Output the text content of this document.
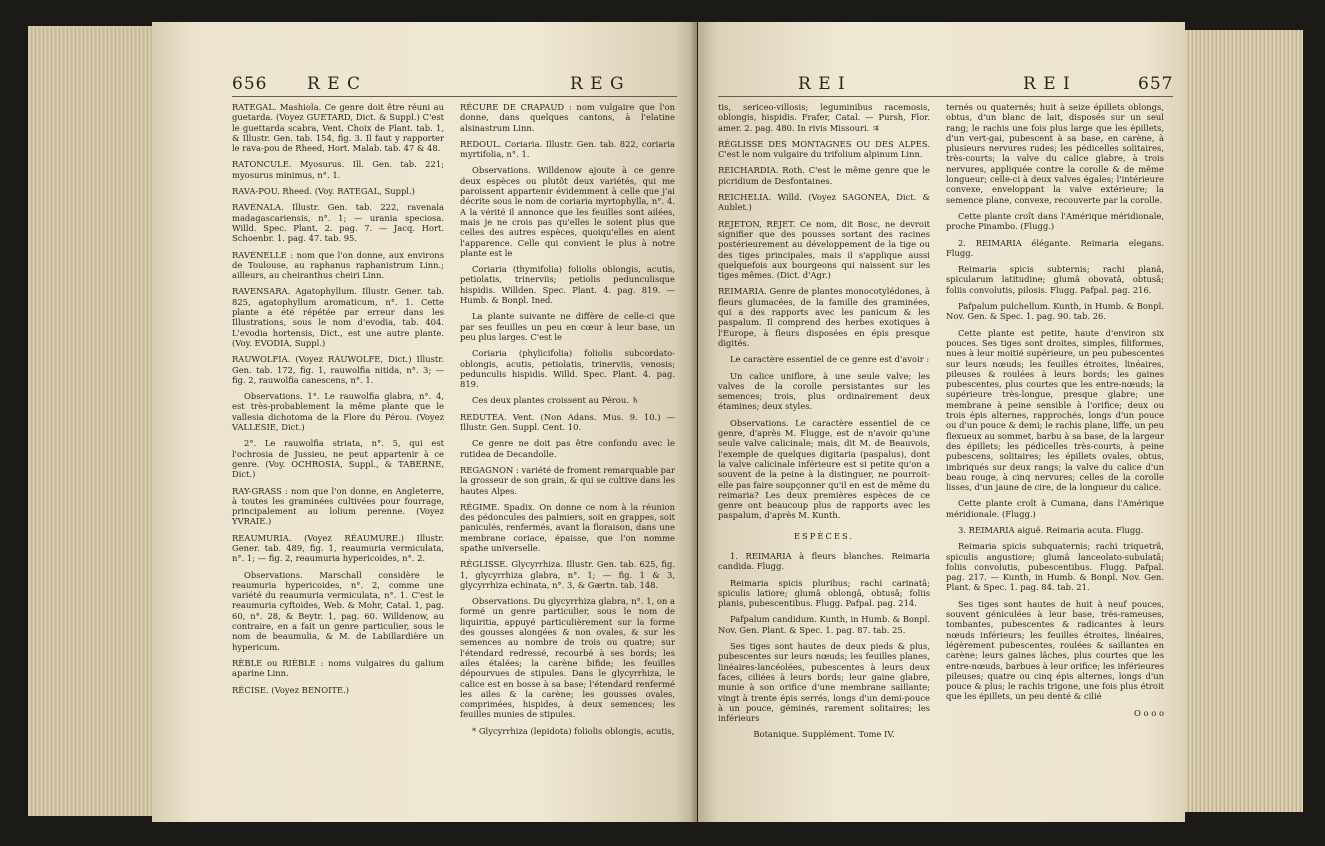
656 R E C	R E G

RATEGAL. Mashiola. Ce genre doit être réuni au guetarda. (Voyez GUETARD, Dict. & Suppl.) C'est le guettarda scabra, Vent. Choix de Plant. tab. 1, & Illustr. Gen. tab. 154, fig. 3. Il faut y rapporter le rava-pou de Rheed, Hort. Malab. tab. 47 & 48.

RATONCULE. Myosurus. Ill. Gen. tab. 221; myosurus minimus, n°. 1.

RAVA-POU. Rheed. (Voy. RATEGAL, Suppl.)

RAVENALA. Illustr. Gen. tab. 222, ravenala madagascariensis, n°. 1; — urania speciosa. Willd. Spec. Plant. 2. pag. 7. — Jacq. Hort. Schoenbr. 1. pag. 47. tab. 95.

RAVENELLE : nom que l'on donne, aux environs de Toulouse, au raphanus raphanistrum Linn.; ailleurs, au cheiranthus cheiri Linn.

RAVENSARA. Agatophyllum. Illustr. Gener. tab. 825, agatophyllum aromaticum, n°. 1. Cette plante a été répétée par erreur dans les Illustrations, sous le nom d'evodia, tab. 404. L'evodia hortensis, Dict., est une autre plante. (Voy. EVODIA, Suppl.)

RAUWOLFIA. (Voyez RAUWOLFE, Dict.) Illustr. Gen. tab. 172, fig. 1, rauwolfia nitida, n°. 3; — fig. 2, rauwolfia canescens, n°. 1.

Observations. 1°. Le rauwolfia glabra, n°. 4, est très-probablement la même plante que le vallesia dichotoma de la Flore du Pérou. (Voyez VALLESIE, Dict.)

2°. Le rauwolfia striata, n°. 5, qui est l'ochrosia de Jussieu, ne peut appartenir à ce genre. (Voy. OCHROSIA, Suppl., & TABERNE, Dict.)

RAY-GRASS : nom que l'on donne, en Angleterre, à toutes les graminées cultivées pour fourrage, principalement au lolium perenne. (Voyez YVRAIE.)

REAUMURIA. (Voyez RÉAUMURE.) Illustr. Gener. tab. 489, fig. 1, reaumuria vermiculata, n°. 1; — fig. 2, reaumuria hypericoides, n°. 2.

Observations. Marschall considère le reaumuria hypericoides, n°. 2, comme une variété du reaumuria vermiculata, n°. 1. C'est le reaumuria cyftoides, Web. & Mohr, Catal. 1, pag. 60, n°. 28, & Beytr. 1, pag. 60. Willdenow, au contraire, en a fait un genre particulier, sous le nom de beaumulia, & M. de Labillardière un hypericum.

RÈBLE ou RIÈBLE : noms vulgaires du galium aparine Linn.

RÉCISE. (Voyez BENOITE.)

RÉCURE DE CRAPAUD : nom vulgaire que l'on donne, dans quelques cantons, à l'elatine alsinastrum Linn.

REDOUL. Coriaria. Illustr. Gen. tab. 822, coriaria myrtifolia, n°. 1.

Observations. Willdenow ajoute à ce genre deux espèces ou plutôt deux variétés, qui me paroissent appartenir évidemment à celle que j'ai décrite sous le nom de coriaria myrtophylla, n°. 4. A la vérité il annonce que les feuilles sont ailées, mais je ne crois pas qu'elles le soient plus que celles des autres espèces, quoiqu'elles en aient l'apparence. Celle qui convient le plus à notre plante est le

Coriaria (thymifolia) foliolis oblongis, acutis, petiolatis, trinerviis; petiolis pedunculisque hispidis. Willden. Spec. Plant. 4. pag. 819. — Humb. & Bonpl. Ined.

La plante suivante ne diffère de celle-ci que par ses feuilles un peu en cœur à leur base, un peu plus larges. C'est le

Coriaria (phylicifolia) foliolis subcordato-oblongis, acutis, petiolatis, trinerviis, venosis; pedunculis hispidis. Willd. Spec. Plant. 4. pag. 819.

Ces deux plantes croissent au Pérou. ♄

REDUTEA. Vent. (Non Adans. Mus. 9. 10.) — Illustr. Gen. Suppl. Cent. 10.

Ce genre ne doit pas être confondu avec le rutidea de Decandolle.

REGAGNON : variété de froment remarquable par la grosseur de son grain, & qui se cultive dans les hautes Alpes.

RÉGIME. Spadix. On donne ce nom à la réunion des pédoncules des palmiers, soit en grappes, soit paniculés, renfermés, avant la floraison, dans une membrane coriace, épaisse, que l'on nomme spathe universelle.

RÉGLISSE. Glycyrrhiza. Illustr. Gen. tab. 625, fig. 1, glycyrrhiza glabra, n°. 1; — fig. 1 & 3, glycyrrhiza echinata, n°. 3, & Gærtn. tab. 148.

Observations. Du glycyrrhiza glabra, n°. 1, on a formé un genre particulier, sous le nom de liquiritia, appuyé particulièrement sur la forme des gousses alongées & non ovales, & sur les semences au nombre de trois ou quatre; sur l'étendard redressé, recourbé à ses bords; les ailes étalées; la carène bifide; les feuilles dépourvues de stipules. Dans le glycyrrhiza, le calice est en bosse à sa base; l'étendard renfermé les ailes & la carène; les gousses ovales, comprimées, hispides, à deux semences; les feuilles munies de stipules.

* Glycyrrhiza (lepidota) foliolis oblongis, acutis,

R E I	R E I	657

tis, sericeo-villosis; leguminibus racemosis, oblongis, hispidis. Frafer, Catal. — Pursh, Flor. amer. 2. pag. 480. In rivis Missouri. ♃

RÉGLISSE DES MONTAGNES OU DES ALPES. C'est le nom vulgaire du trifolium alpinum Linn.

REICHARDIA. Roth. C'est le même genre que le picridium de Desfontaines.

REICHELIA. Willd. (Voyez SAGONEA, Dict. & Aublet.)

REJETON, REJET. Ce nom, dit Bosc, ne devroit signifier que des pousses sortant des racines postérieurement au développement de la tige ou des tiges principales, mais il s'applique aussi quelquefois aux bourgeons qui naissent sur les tiges mêmes. (Dict. d'Agr.)

REIMARIA. Genre de plantes monocotylédones, à fleurs glumacées, de la famille des graminées, qui a des rapports avec les panicum & les paspalum. Il comprend des herbes exotiques à l'Europe, à fleurs disposées en épis presque digités.

Le caractère essentiel de ce genre est d'avoir :

Un calice uniflore, à une seule valve; les valves de la corolle persistantes sur les semences; trois, plus ordinairement deux étamines; deux styles.

Observations. Le caractère essentiel de ce genre, d'après M. Flugge, est de n'avoir qu'une seule valve calicinale; mais, dit M. de Beauvois, l'exemple de quelques digitaria (paspalus), dont la valve calicinale inférieure est si petite qu'on a souvent de la peine à la distinguer, ne pourroit-elle pas faire soupçonner qu'il en est de même du reimaria? Les deux premières espèces de ce genre ont beaucoup plus de rapports avec les paspalum, d'après M. Kunth.

ESPÈCES.

1. REIMARIA à fleurs blanches. Reimaria candida. Flugg.

Reimaria spicis pluribus; rachi carinatâ; spiculis latiore; glumâ oblongâ, obtusâ; foliis planis, pubescentibus. Flugg. Pafpal. pag. 214.

Pafpalum candidum. Kunth, in Humb. & Bonpl. Nov. Gen. Plant. & Spec. 1. pag. 87. tab. 25.

Ses tiges sont hautes de deux pieds & plus, pubescentes sur leurs nœuds; les feuilles planes, linéaires-lancéolées, pubescentes à leurs deux faces, ciliées à leurs bords; leur gaine glabre, munie à son orifice d'une membrane saillante; vingt à trente épis serrés, longs d'un demi-pouce à un pouce, géminés, rarement solitaires; les inférieurs

Botanique. Supplément. Tome IV.

ternés ou quaternés; huit à seize épillets oblongs, obtus, d'un blanc de lait, disposés sur un seul rang; le rachis une fois plus large que les épillets, d'un vert-gai, pubescent à sa base, en carène, à plusieurs nervures rudes; les pédicelles solitaires, très-courts; la valve du calice glabre, à trois nervures, appliquée contre la corolle & de même longueur; celle-ci à deux valves égales; l'intérieure convexe, enveloppant la valve extérieure; la semence plane, convexe, recouverte par la corolle.

Cette plante croît dans l'Amérique méridionale, proche Pinambo. (Flugg.)

2. REIMARIA élégante. Reimaria elegans. Flugg.

Reimaria spicis subternis; rachi planâ, spicularum latitudine; glumâ obovatâ, obtusâ; foliis convolutis, pilosis. Flugg. Pafpal. pag. 216.

Pafpalum pulchellum. Kunth, in Humb. & Bonpl. Nov. Gen. & Spec. 1. pag. 90. tab. 26.

Cette plante est petite, haute d'environ six pouces. Ses tiges sont droites, simples, filiformes, nues à leur moitié supérieure, un peu pubescentes sur leurs nœuds; les feuilles étroites, linéaires, pileuses & roulées à leurs bords; les gaines pubescentes, plus courtes que les entre-nœuds; la supérieure très-longue, presque glabre; une membrane à peine sensible à l'orifice; deux ou trois épis alternes, rapprochés, longs d'un pouce ou d'un pouce & demi; le rachis plane, liffe, un peu flexueux au sommet, barbu à sa base, de la largeur des épillets; les pédicelles très-courts, à peine pubescens, solitaires; les épillets ovales, obtus, imbriqués sur deux rangs; la valve du calice d'un beau rouge, à cinq nervures; celles de la corolle lisses, d'un jaune de cire, de la longueur du calice.

Cette plante croît à Cumana, dans l'Amérique méridionale. (Flugg.)

3. REIMARIA aiguë. Reimaria acuta. Flugg.

Reimaria spicis subquaternis; rachi triquetrâ, spiculis angustiore; glumâ lanceolato-subulatâ; foliis convolutis, pubescentibus. Flugg. Pafpal. pag. 217. — Kunth, in Humb. & Bonpl. Nov. Gen. Plant. & Spec. 1. pag. 84. tab. 21.

Ses tiges sont hautes de huit à neuf pouces, souvent géniculées à leur base, très-rameuses, tombantes, pubescentes & radicantes à leurs nœuds inférieurs; les feuilles étroites, linéaires, légèrement pubescentes, roulées & saillantes en carène; leurs gaines lâches, plus courtes que les entre-nœuds, barbues à leur orifice; les inférieures pileuses; quatre ou cinq épis alternes, longs d'un pouce & plus; le rachis trigone, une fois plus étroit que les épillets, un peu denté & cilié

O o o o
